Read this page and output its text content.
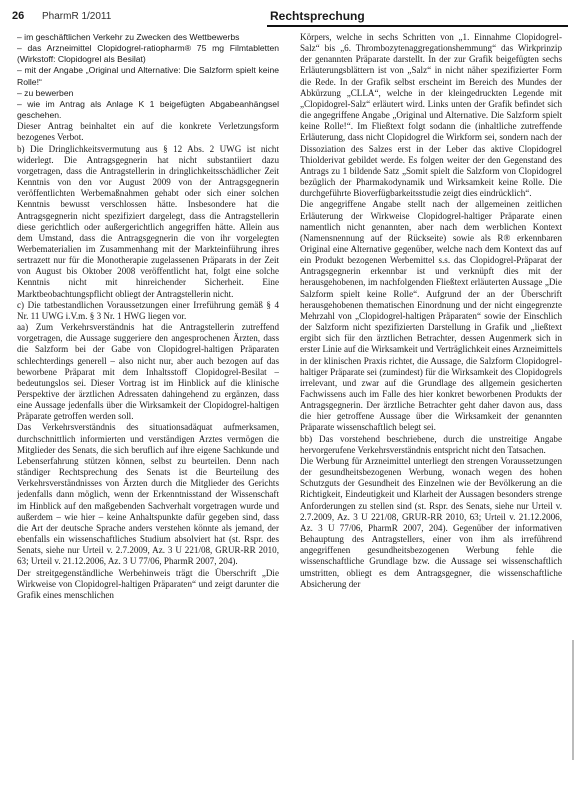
26 PharmR 1/2011	Rechtsprechung

– im geschäftlichen Verkehr zu Zwecken des Wettbewerbs

– das Arzneimittel Clopidogrel-ratiopharm® 75 mg Filmtabletten (Wirkstoff: Clopidogrel als Besilat)

– mit der Angabe „Original und Alternative: Die Salzform spielt keine Rolle!“

– zu bewerben

– wie im Antrag als Anlage K 1 beigefügten Abgabeanhängsel geschehen.

Dieser Antrag beinhaltet ein auf die konkrete Verletzungsform bezogenes Verbot.

b) Die Dringlichkeitsvermutung aus § 12 Abs. 2 UWG ist nicht widerlegt. Die Antragsgegnerin hat nicht substantiiert dazu vorgetragen, dass die Antragstellerin in dringlichkeitsschädlicher Zeit Kenntnis von den vor August 2009 von der Antragsgegnerin veröffentlichten Werbemaßnahmen gehabt oder sich einer solchen Kenntnis bewusst verschlossen hätte. Insbesondere hat die Antragsgegnerin nicht spezifiziert dargelegt, dass die Antragstellerin diese gerichtlich oder außergerichtlich angegriffen hätte. Allein aus dem Umstand, dass die Antragsgegnerin die von ihr vorgelegten Werbematerialien im Zusammenhang mit der Markteinführung ihres sertrazett nur für die Monotherapie zugelassenen Präparats in der Zeit von August bis Oktober 2008 veröffentlicht hat, folgt eine solche Kenntnis nicht mit hinreichender Sicherheit. Eine Marktbeobachtungspflicht obliegt der Antragstellerin nicht.

c) Die tatbestandlichen Voraussetzungen einer Irreführung gemäß § 4 Nr. 11 UWG i.V.m. § 3 Nr. 1 HWG liegen vor.

aa) Zum Verkehrsverständnis hat die Antragstellerin zutreffend vorgetragen, die Aussage suggeriere den angesprochenen Ärzten, dass die Salzform bei der Gabe von Clopidogrel-haltigen Präparaten schlechterdings generell – also nicht nur, aber auch bezogen auf das beworbene Präparat mit dem Inhaltsstoff Clopidogrel-Besilat – bedeutungslos sei. Dieser Vortrag ist im Hinblick auf die klinische Perspektive der ärztlichen Adressaten dahingehend zu ergänzen, dass eine Aussage jedenfalls über die Wirksamkeit der Clopidogrel-haltigen Präparate getroffen werden soll.

Das Verkehrsverständnis des situationsadäquat aufmerksamen, durchschnittlich informierten und verständigen Arztes vermögen die Mitglieder des Senats, die sich beruflich auf ihre eigene Sachkunde und Lebenserfahrung stützen können, selbst zu beurteilen. Denn nach ständiger Rechtsprechung des Senats ist die Beurteilung des Verkehrsverständnisses von Ärzten durch die Mitglieder des Gerichts jedenfalls dann möglich, wenn der Erkenntnisstand der Wissenschaft im Hinblick auf den maßgebenden Sachverhalt vorgetragen wurde und außerdem – wie hier – keine Anhaltspunkte dafür gegeben sind, dass die Art der deutsche Sprache anders verstehen könnte als jemand, der ebenfalls ein wissenschaftliches Studium absolviert hat (st. Rspr. des Senats, siehe nur Urteil v. 2.7.2009, Az. 3 U 221/08, GRUR-RR 2010, 63; Urteil v. 21.12.2006, Az. 3 U 77/06, PharmR 2007, 204).

Der streitgegenständliche Werbehinweis trägt die Überschrift „Die Wirkweise von Clopidogrel-haltigen Präparaten“ und zeigt darunter die Grafik eines menschlichen

Körpers, welche in sechs Schritten von „1. Einnahme Clopidogrel-Salz“ bis „6. Thrombozytenaggregationshemmung“ das Wirkprinzip der genannten Präparate darstellt. In der zur Grafik beigefügten sechs Erläuterungsblättern ist von „Salz“ in nicht näher spezifizierter Form die Rede. In der Grafik selbst erscheint im Bereich des Mundes der Abkürzung „CLLA“, welche in der kleingedruckten Legende mit „Clopidogrel-Salz“ erläutert wird. Links unten der Grafik befindet sich die angegriffene Angabe „Original und Alternative. Die Salzform spielt keine Rolle!“. Im Fließtext folgt sodann die (inhaltliche zutreffende Erläuterung, dass nicht Clopidogrel die Wirkform sei, sondern nach der Dissoziation des Salzes erst in der Leber das aktive Clopidogrel Thiolderivat gebildet werde. Es folgen weiter der den Gegenstand des Antrags zu 1 bildende Satz „Somit spielt die Salzform von Clopidogrel bezüglich der Pharmakodynamik und Wirksamkeit keine Rolle. Die durchgeführte Bioverfügbarkeitsstudie zeigt dies eindrücklich“.

Die angegriffene Angabe stellt nach der allgemeinen zeitlichen Erläuterung der Wirkweise Clopidogrel-haltiger Präparate einen namentlich nicht genannten, aber nach dem werblichen Kontext (Namensnennung auf der Rückseite) sowie als R® erkennbaren Original eine Alternative gegenüber, welche nach dem Kontext das auf ein Produkt bezogenen Werbemittel s.s. das Clopidogrel-Präparat der Antragsgegnerin erkennbar ist und verknüpft dies mit der herausgehobenen, im nachfolgenden Fließtext erläuterten Aussage „Die Salzform spielt keine Rolle“. Aufgrund der an der Überschrift herausgehobenen thematischen Einordnung und der nicht eingegrenzte Mehrzahl von „Clopidogrel-haltigen Präparaten“ sowie der Einschlich der Salzform nicht spezifizierten Darstellung in Grafik und „ließtext ergibt sich für den ärztlichen Betrachter, dessen Augenmerk sich in erster Linie auf die Wirksamkeit und Verträglichkeit eines Arzneimittels in der klinischen Praxis richtet, die Aussage, die Salzform Clopidogrel-haltiger Präparate sei (zumindest) für die Wirksamkeit des Clopidogrels irrelevant, und zwar auf die Grundlage des allgemein gesicherten Fachwissens auch im Falle des hier konkret beworbenen Produkts der Antragsgegnerin. Der ärztliche Betrachter geht daher davon aus, dass die hier getroffene Aussage über die Wirksamkeit der genannten Präparate wissenschaftlich belegt sei.

bb) Das vorstehend beschriebene, durch die unstreitige Angabe hervorgerufene Verkehrsverständnis entspricht nicht den Tatsachen.

Die Werbung für Arzneimittel unterliegt den strengen Voraussetzungen der gesundheitsbezogenen Werbung, wonach wegen des hohen Schutzguts der Gesundheit des Einzelnen wie der Bevölkerung an die Richtigkeit, Eindeutigkeit und Klarheit der Aussagen besonders strenge Anforderungen zu stellen sind (st. Rspr. des Senats, siehe nur Urteil v. 2.7.2009, Az. 3 U 221/08, GRUR-RR 2010, 63; Urteil v. 21.12.2006, Az. 3 U 77/06, PharmR 2007, 204). Gegenüber der informativen Behauptung des Antragstellers, einer von ihm als irreführend angegriffenen gesundheitsbezogenen Werbung fehle die wissenschaftliche Grundlage bzw. die Aussage sei wissenschaftlich umstritten, obliegt es dem Antragsgegner, die wissenschaftliche Absicherung der
